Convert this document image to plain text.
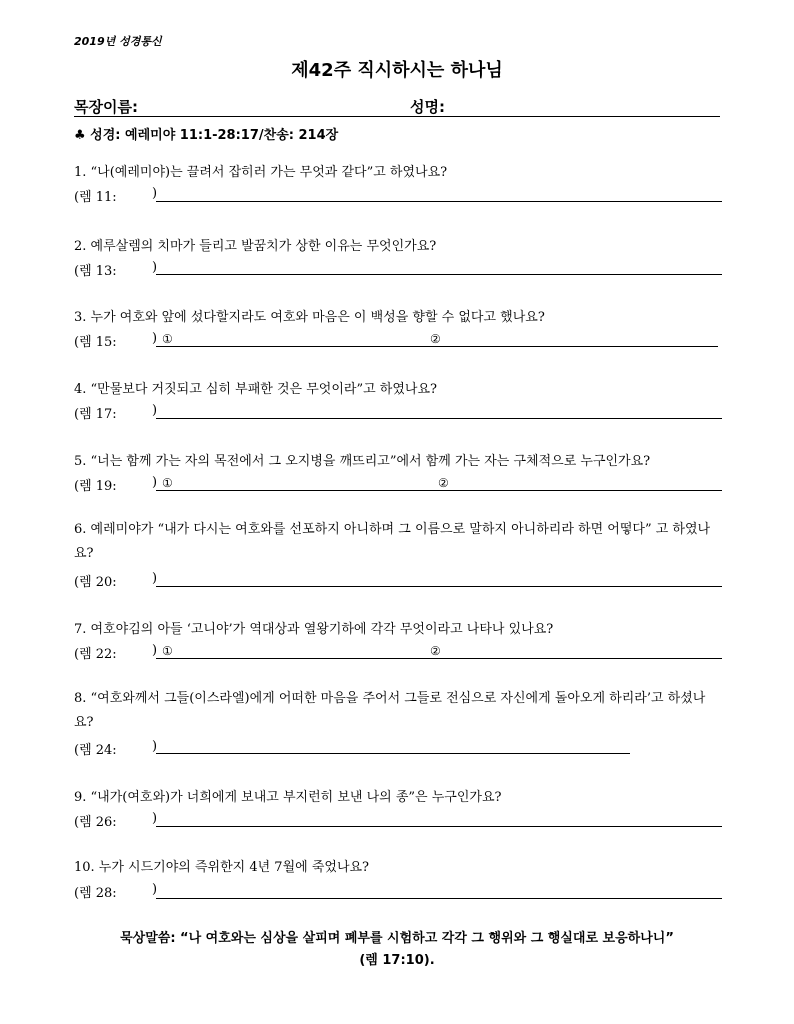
2019년 성경통신
제42주 직시하시는 하나님
목장이름:	성명:
♣ 성경: 예레미야 11:1-28:17/찬송: 214장
1. “나(예레미야)는 끌려서 잡히러 가는 무엇과 같다”고 하였나요?
(렘 11:	)
2. 예루살렘의 치마가 들리고 발꿈치가 상한 이유는 무엇인가요?
(렘 13:	)
3. 누가 여호와 앞에 섰다할지라도 여호와 마음은 이 백성을 향할 수 없다고 했나요?
(렘 15:	) ①	②
4. “만물보다 거짓되고 심히 부패한 것은 무엇이라”고 하였나요?
(렘 17:	)
5. “너는 함께 가는 자의 목전에서 그 오지병을 깨뜨리고”에서 함께 가는 자는 구체적으로 누구인가요?
(렘 19:	) ①	②
6. 예레미야가 “내가 다시는 여호와를 선포하지 아니하며 그 이름으로 말하지 아니하리라 하면 어떻다” 고 하였나요?
(렘 20:	)
7. 여호야김의 아들 ‘고니야’가 역대상과 열왕기하에 각각 무엇이라고 나타나 있나요?
(렘 22:	) ①	②
8. “여호와께서 그들(이스라엘)에게 어떠한 마음을 주어서 그들로 전심으로 자신에게 돌아오게 하리라’고 하셨나요?
(렘 24:	)
9. “내가(여호와)가 너희에게 보내고 부지런히 보낸 나의 종”은 누구인가요?
(렘 26:	)
10. 누가 시드기야의 즉위한지 4년 7월에 죽었나요?
(렘 28:	)
묵상말씀: “나 여호와는 심상을 살피며 폐부를 시험하고 각각 그 행위와 그 행실대로 보응하나니”
(렘 17:10).
